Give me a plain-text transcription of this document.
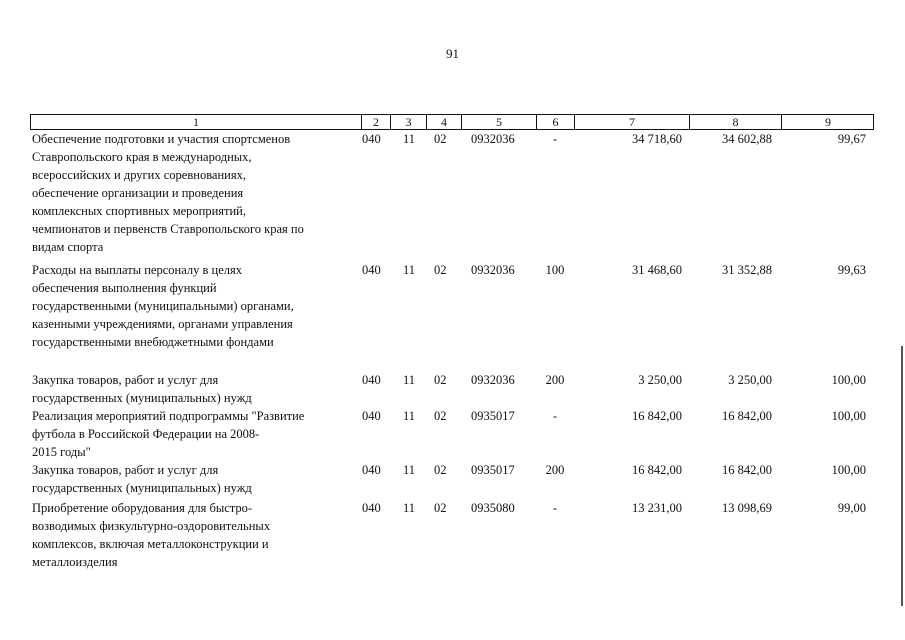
91
1	2	3	4	5	6	7	8	9
Обеспечение подготовки и участия спортсменов
Ставропольского края в международных,
всероссийских и других соревнованиях,
обеспечение организации и проведения
комплексных спортивных мероприятий,
чемпионатов и первенств Ставропольского края по
видам спорта
040	11	02	0932036	-	34 718,60	34 602,88	99,67
Расходы на выплаты персоналу в целях
обеспечения выполнения функций
государственными (муниципальными) органами,
казенными учреждениями, органами управления
государственными внебюджетными фондами
040	11	02	0932036	100	31 468,60	31 352,88	99,63
Закупка товаров, работ и услуг для
государственных (муниципальных) нужд
040	11	02	0932036	200	3 250,00	3 250,00	100,00
Реализация мероприятий подпрограммы "Развитие
футбола в Российской Федерации на 2008-
2015 годы"
040	11	02	0935017	-	16 842,00	16 842,00	100,00
Закупка товаров, работ и услуг для
государственных (муниципальных) нужд
040	11	02	0935017	200	16 842,00	16 842,00	100,00
Приобретение оборудования для быстро-
возводимых физкультурно-оздоровительных
комплексов, включая металлоконструкции и
металлоизделия
040	11	02	0935080	-	13 231,00	13 098,69	99,00
